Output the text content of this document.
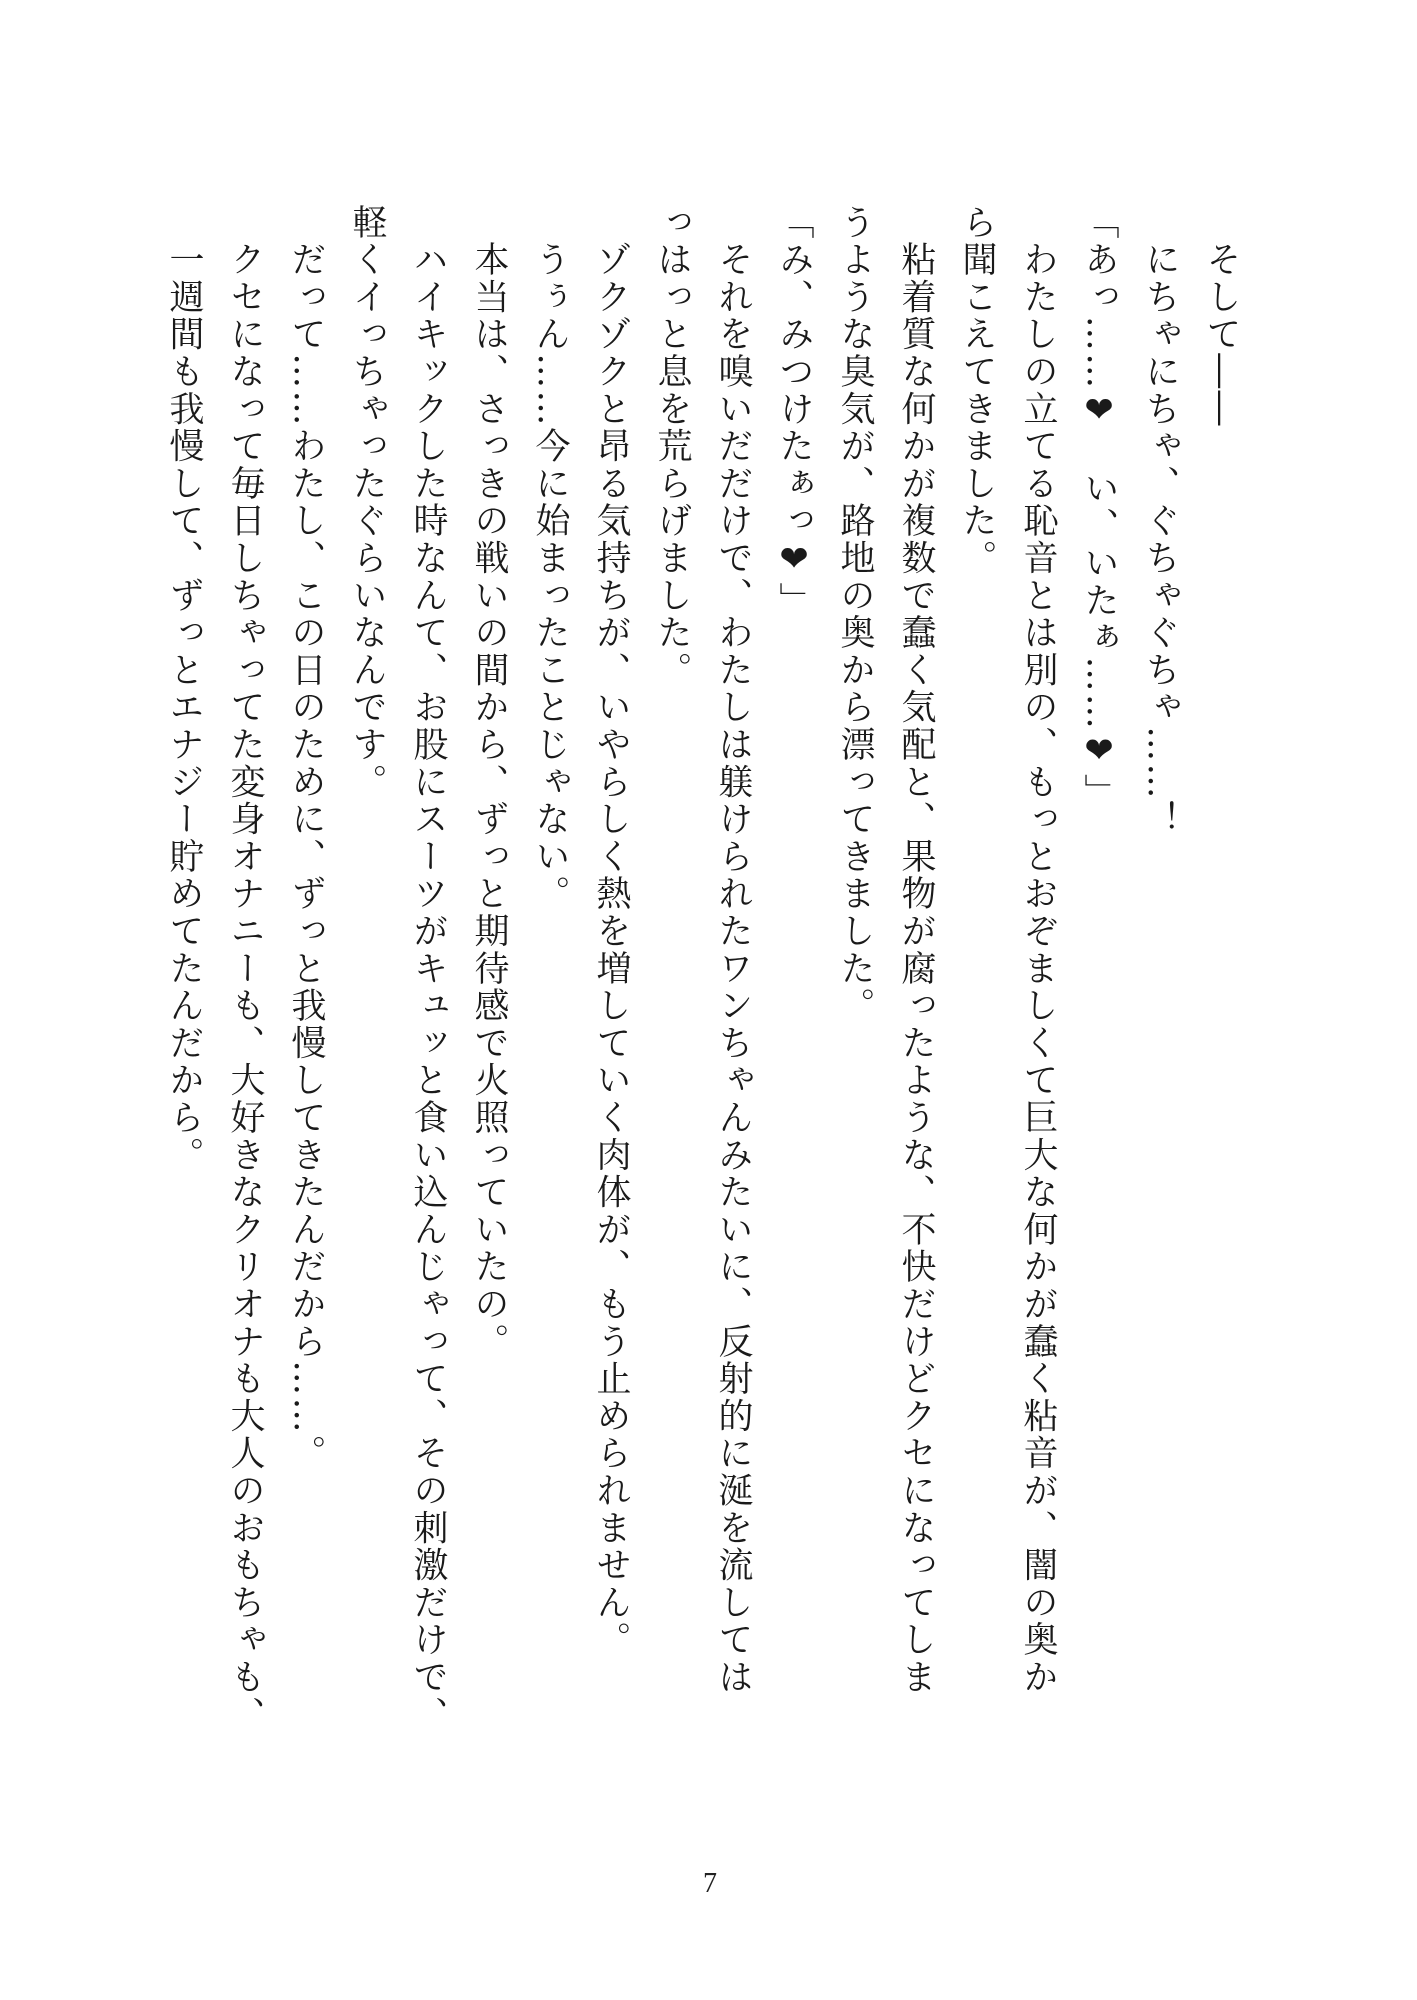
　そして――
　にちゃにちゃ、ぐちゃぐちゃ……！
「あっ……❤　い、いたぁ……❤」
　わたしの立てる恥音とは別の、もっとおぞましくて巨大な何かが蠢く粘音が、闇の奥か
ら聞こえてきました。
　粘着質な何かが複数で蠢く気配と、果物が腐ったような、不快だけどクセになってしま
うような臭気が、路地の奥から漂ってきました。
「み、みつけたぁっ❤」
　それを嗅いだだけで、わたしは躾けられたワンちゃんみたいに、反射的に涎を流しては
っはっと息を荒らげました。
　ゾクゾクと昂る気持ちが、いやらしく熱を増していく肉体が、もう止められません。
　うぅん……今に始まったことじゃない。
　本当は、さっきの戦いの間から、ずっと期待感で火照っていたの。
　ハイキックした時なんて、お股にスーツがキュッと食い込んじゃって、その刺激だけで、
軽くイっちゃったぐらいなんです。
　だって……わたし、この日のために、ずっと我慢してきたんだから……。
　クセになって毎日しちゃってた変身オナニーも、大好きなクリオナも大人のおもちゃも、
　一週間も我慢して、ずっとエナジー貯めてたんだから。
7
